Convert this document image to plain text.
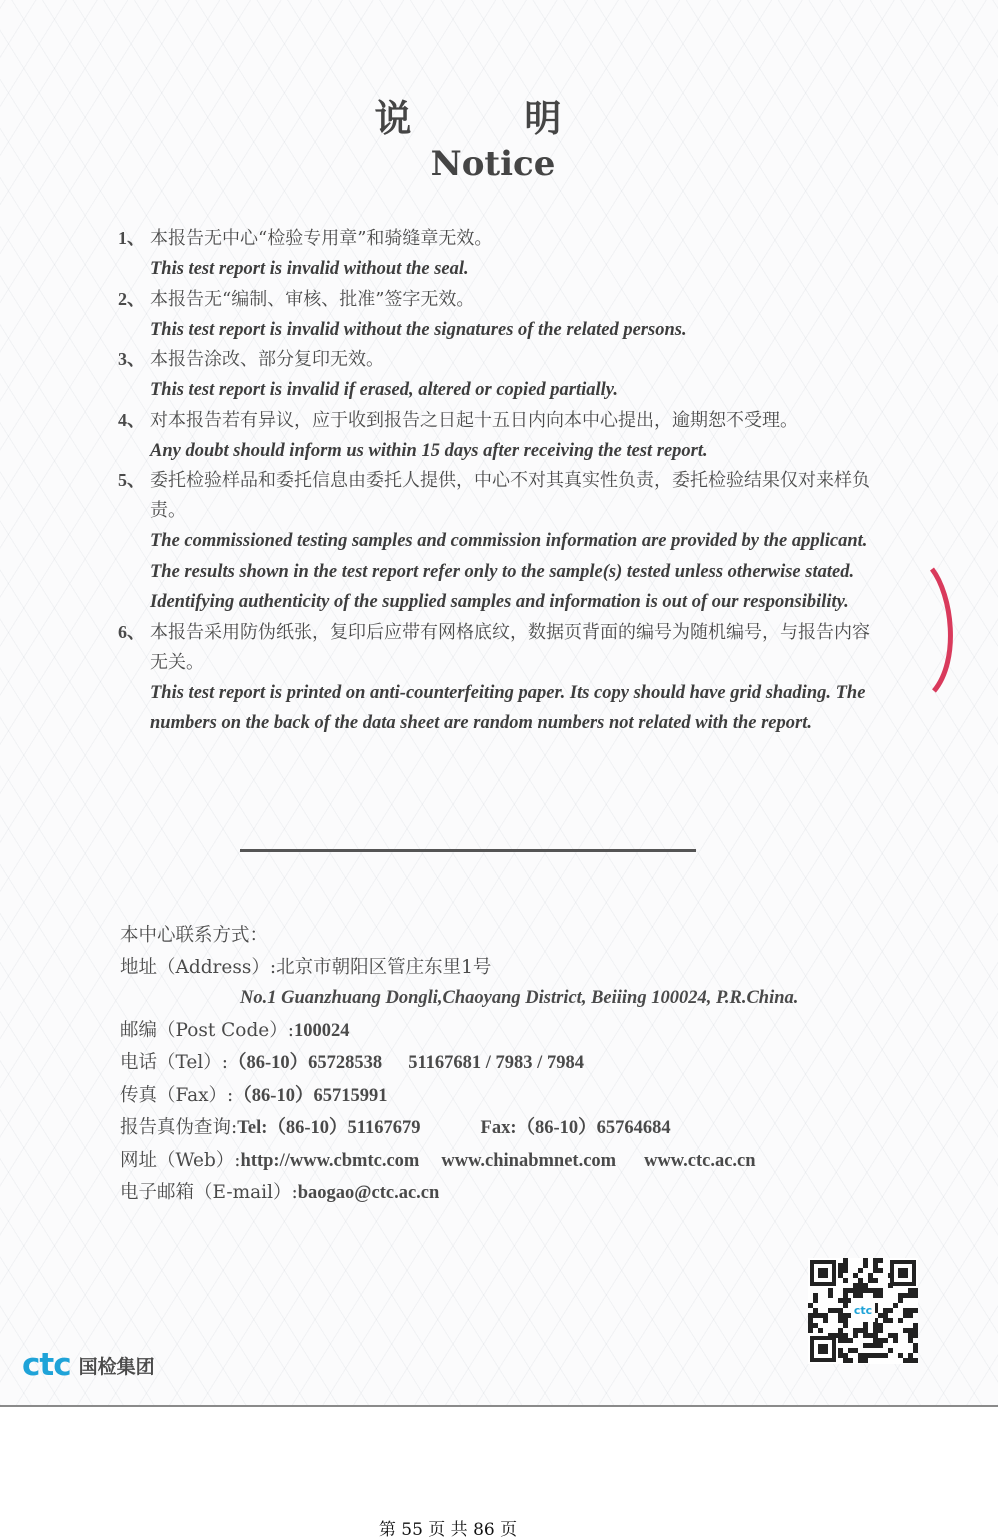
说 明
Notice
1、 本报告无中心“检验专用章”和骑缝章无效。
This test report is invalid without the seal.
2、 本报告无“编制、审核、批准”签字无效。
This test report is invalid without the signatures of the related persons.
3、 本报告涂改、部分复印无效。
This test report is invalid if erased, altered or copied partially.
4、 对本报告若有异议，应于收到报告之日起十五日内向本中心提出，逾期恕不受理。
Any doubt should inform us within 15 days after receiving the test report.
5、 委托检验样品和委托信息由委托人提供，中心不对其真实性负责，委托检验结果仅对来样负责。
The commissioned testing samples and commission information are provided by the applicant. The results shown in the test report refer only to the sample(s) tested unless otherwise stated. Identifying authenticity of the supplied samples and information is out of our responsibility.
6、 本报告采用防伪纸张，复印后应带有网格底纹，数据页背面的编号为随机编号，与报告内容无关。
This test report is printed on anti-counterfeiting paper. Its copy should have grid shading. The numbers on the back of the data sheet are random numbers not related with the report.
本中心联系方式：
地址（Address）:北京市朝阳区管庄东里1号
No.1 Guanzhuang Dongli,Chaoyang District, Beiiing 100024, P.R.China.
邮编（Post Code）:100024
电话（Tel）:（86-10）65728538 51167681 / 7983 / 7984
传真（Fax）:（86-10）65715991
报告真伪查询:Tel:（86-10）51167679	Fax:（86-10）65764684
网址（Web）:http://www.cbmtc.com www.chinabmnet.com www.ctc.ac.cn
电子邮箱（E-mail）:baogao@ctc.ac.cn
ctc 国检集团
ctc
第 55 页 共 86 页
